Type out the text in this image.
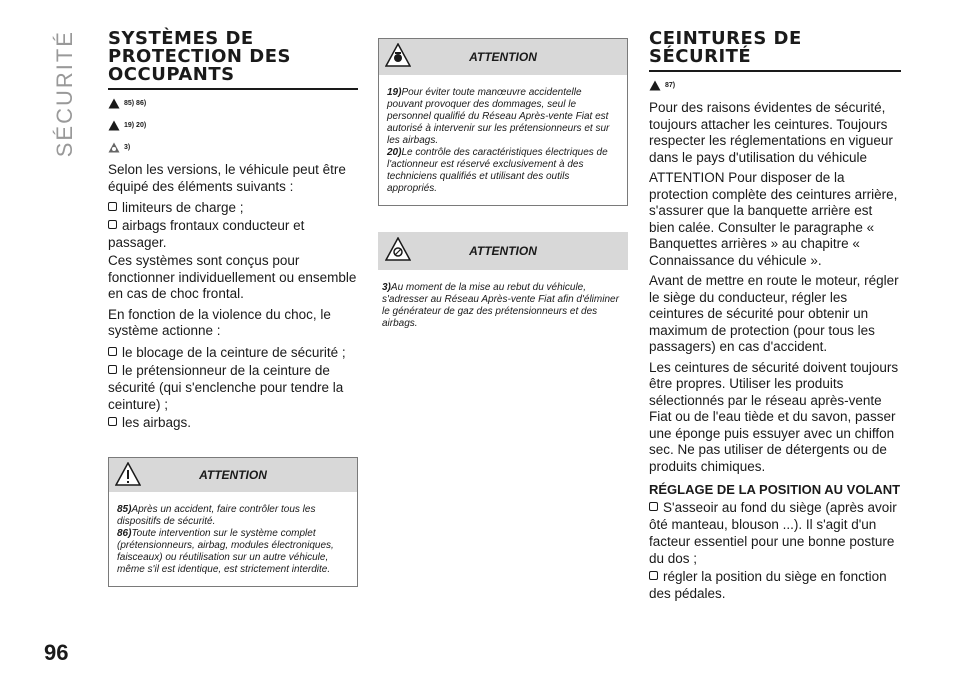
SÉCURITÉ
96
SYSTÈMES DE PROTECTION DES OCCUPANTS
85) 86)
19) 20)
3)

Selon les versions, le véhicule peut être équipé des éléments suivants :

limiteurs de charge ;
airbags frontaux conducteur et passager.

Ces systèmes sont conçus pour fonctionner individuellement ou ensemble en cas de choc frontal.

En fonction de la violence du choc, le système actionne :

le blocage de la ceinture de sécurité ;
le prétensionneur de la ceinture de sécurité (qui s'enclenche pour tendre la ceinture) ;
les airbags.
ATTENTION

85)Après un accident, faire contrôler tous les dispositifs de sécurité.

86)Toute intervention sur le système complet (prétensionneurs, airbag, modules électroniques, faisceaux) ou réutilisation sur un autre véhicule, même s'il est identique, est strictement interdite.

ATTENTION

19)Pour éviter toute manœuvre accidentelle pouvant provoquer des dommages, seul le personnel qualifié du Réseau Après-vente Fiat est autorisé à intervenir sur les prétensionneurs et sur les airbags.

20)Le contrôle des caractéristiques électriques de l'actionneur est réservé exclusivement à des techniciens qualifiés et utilisant des outils appropriés.

ATTENTION

3)Au moment de la mise au rebut du véhicule, s'adresser au Réseau Après-vente Fiat afin d'éliminer le générateur de gaz des prétensionneurs et des airbags.

CEINTURES DE SÉCURITÉ
87)

Pour des raisons évidentes de sécurité, toujours attacher les ceintures. Toujours respecter les réglementations en vigueur dans le pays d'utilisation du véhicule

ATTENTION Pour disposer de la protection complète des ceintures arrière, s'assurer que la banquette arrière est bien calée. Consulter le paragraphe « Banquettes arrières » au chapitre « Connaissance du véhicule ».

Avant de mettre en route le moteur, régler le siège du conducteur, régler les ceintures de sécurité pour obtenir un maximum de protection (pour tous les passagers) en cas d'accident.

Les ceintures de sécurité doivent toujours être propres. Utiliser les produits sélectionnés par le réseau après-vente Fiat ou de l'eau tiède et du savon, passer une éponge puis essuyer avec un chiffon sec. Ne pas utiliser de détergents ou de produits chimiques.

RÉGLAGE DE LA POSITION AU VOLANT
S'asseoir au fond du siège (après avoir ôté manteau, blouson ...). Il s'agit d'un facteur essentiel pour une bonne posture du dos ;
régler la position du siège en fonction des pédales.
